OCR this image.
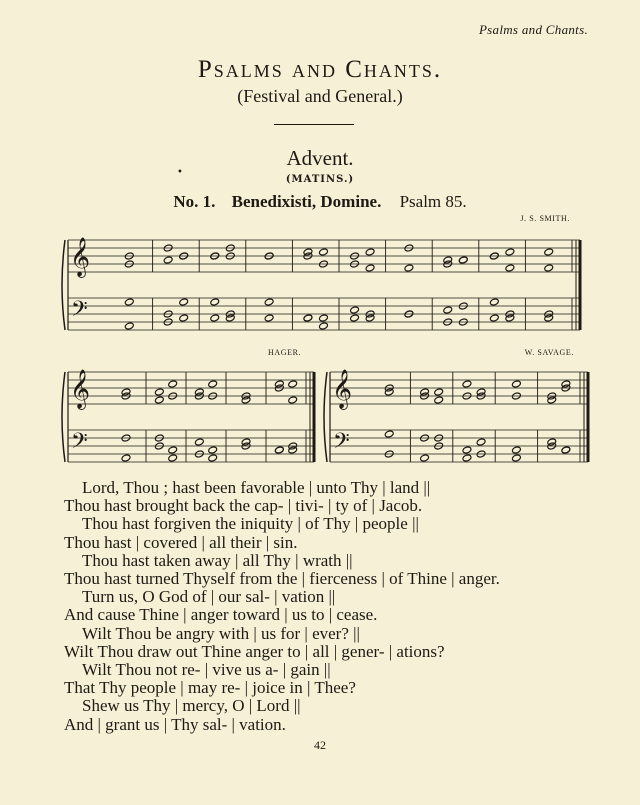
Psalms and Chants.
Psalms and Chants.
(Festival and General.)
Advent.
•
(MATINS.)
No. 1. Benedixisti, Domine. Psalm 85.
J. S. SMITH.
HAGER.	W. SAVAGE.
𝄞
𝄢
𝄞
𝄢
𝄞
𝄢
Lord, Thou ; hast been favorable | unto Thy | land ||
Thou hast brought back the cap- | tivi- | ty of | Jacob.
Thou hast forgiven the iniquity | of Thy | people ||
Thou hast | covered | all their | sin.
Thou hast taken away | all Thy | wrath ||
Thou hast turned Thyself from the | fierceness | of Thine | anger.
Turn us, O God of | our sal- | vation ||
And cause Thine | anger toward | us to | cease.
Wilt Thou be angry with | us for | ever? ||
Wilt Thou draw out Thine anger to | all | gener- | ations?
Wilt Thou not re- | vive us a- | gain ||
That Thy people | may re- | joice in | Thee?
Shew us Thy | mercy, O | Lord ||
And | grant us | Thy sal- | vation.
42
